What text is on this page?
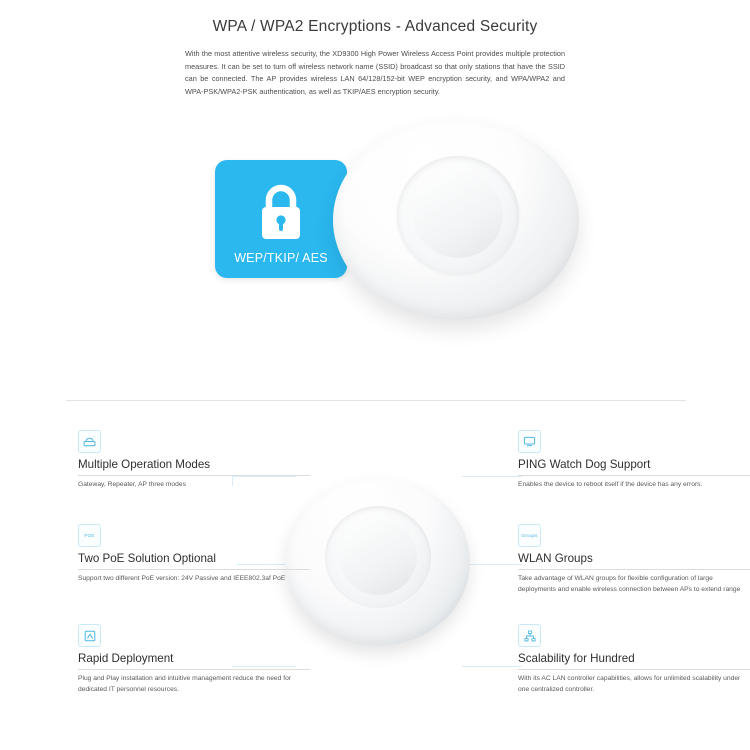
WPA / WPA2 Encryptions - Advanced Security
With the most attentive wireless security, the XD9300 High Power Wireless Access Point provides multiple protection measures. It can be set to turn off wireless network name (SSID) broadcast so that only stations that have the SSID can be connected. The AP provides wireless LAN 64/128/152-bit WEP encryption security, and WPA/WPA2 and WPA-PSK/WPA2-PSK authentication, as well as TKIP/AES encryption security.
WEP/TKIP/ AES
Multiple Operation Modes

Gateway, Repeater, AP three modes

POE
Two PoE Solution Optional

Support two different PoE version: 24V Passive and IEEE802.3af PoE

Rapid Deployment

Plug and Play installation and intuitive management reduce the need for dedicated IT personnel resources.

PING Watch Dog Support

Enables the device to reboot itself if the device has any errors.

Groups
WLAN Groups

Take advantage of WLAN groups for flexible configuration of large deployments and enable wireless connection between APs to extend range

Scalability for Hundred

With its AC LAN controller capabilities, allows for unlimited scalability under one centralized controller.
